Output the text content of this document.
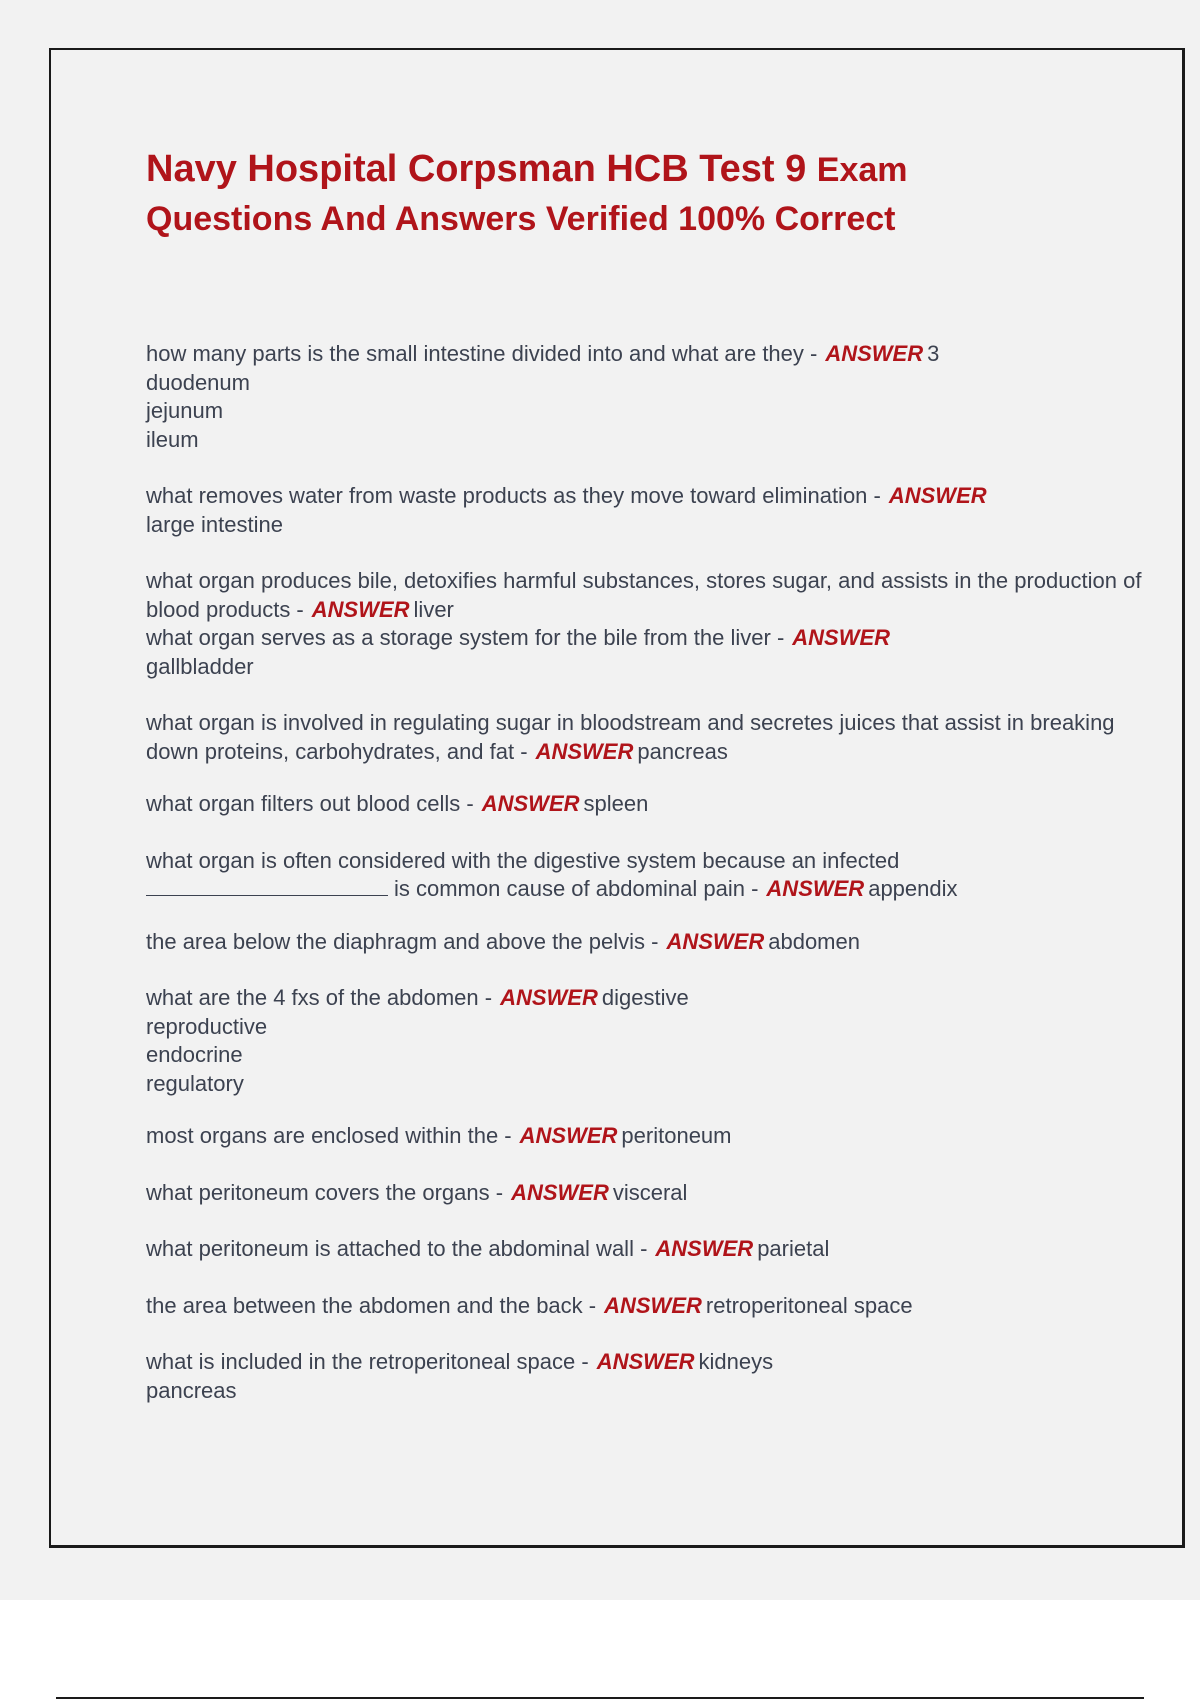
Navy Hospital Corpsman HCB Test 9 Exam
Questions And Answers Verified 100% Correct

how many parts is the small intestine divided into and what are they - ANSWER 3
duodenum
jejunum
ileum

what removes water from waste products as they move toward elimination - ANSWER
large intestine

what organ produces bile, detoxifies harmful substances, stores sugar, and assists in the production of blood products - ANSWER liver

what organ serves as a storage system for the bile from the liver - ANSWER
gallbladder

what organ is involved in regulating sugar in bloodstream and secretes juices that assist in breaking down proteins, carbohydrates, and fat - ANSWER pancreas

what organ filters out blood cells - ANSWER spleen

what organ is often considered with the digestive system because an infected
is common cause of abdominal pain - ANSWER appendix

the area below the diaphragm and above the pelvis - ANSWER abdomen

what are the 4 fxs of the abdomen - ANSWER digestive
reproductive
endocrine
regulatory

most organs are enclosed within the - ANSWER peritoneum

what peritoneum covers the organs - ANSWER visceral

what peritoneum is attached to the abdominal wall - ANSWER parietal

the area between the abdomen and the back - ANSWER retroperitoneal space

what is included in the retroperitoneal space - ANSWER kidneys
pancreas
